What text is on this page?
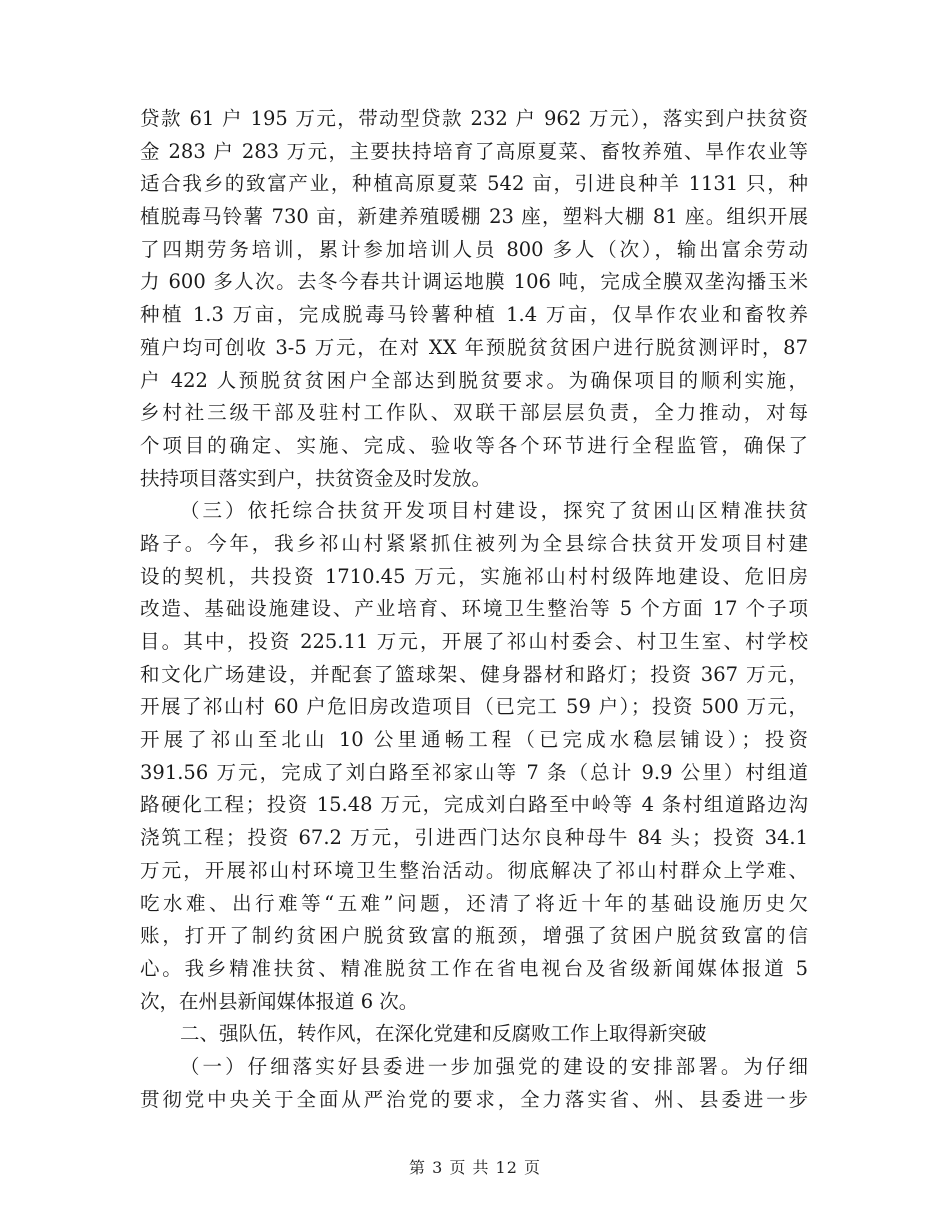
贷款 61 户 195 万元，带动型贷款 232 户 962 万元），落实到户扶贫资
金 283 户 283 万元，主要扶持培育了高原夏菜、畜牧养殖、旱作农业等
适合我乡的致富产业，种植高原夏菜 542 亩，引进良种羊 1131 只，种
植脱毒马铃薯 730 亩，新建养殖暖棚 23 座，塑料大棚 81 座。组织开展
了四期劳务培训，累计参加培训人员 800 多人（次），输出富余劳动
力 600 多人次。去冬今春共计调运地膜 106 吨，完成全膜双垄沟播玉米
种植 1.3 万亩，完成脱毒马铃薯种植 1.4 万亩，仅旱作农业和畜牧养
殖户均可创收 3-5 万元，在对 XX 年预脱贫贫困户进行脱贫测评时，87
户 422 人预脱贫贫困户全部达到脱贫要求。为确保项目的顺利实施，
乡村社三级干部及驻村工作队、双联干部层层负责，全力推动，对每
个项目的确定、实施、完成、验收等各个环节进行全程监管，确保了
扶持项目落实到户，扶贫资金及时发放。
（三）依托综合扶贫开发项目村建设，探究了贫困山区精准扶贫
路子。今年，我乡祁山村紧紧抓住被列为全县综合扶贫开发项目村建
设的契机，共投资 1710.45 万元，实施祁山村村级阵地建设、危旧房
改造、基础设施建设、产业培育、环境卫生整治等 5 个方面 17 个子项
目。其中，投资 225.11 万元，开展了祁山村委会、村卫生室、村学校
和文化广场建设，并配套了篮球架、健身器材和路灯；投资 367 万元，
开展了祁山村 60 户危旧房改造项目（已完工 59 户）；投资 500 万元，
开展了祁山至北山 10 公里通畅工程（已完成水稳层铺设）；投资
391.56 万元，完成了刘白路至祁家山等 7 条（总计 9.9 公里）村组道
路硬化工程；投资 15.48 万元，完成刘白路至中岭等 4 条村组道路边沟
浇筑工程；投资 67.2 万元，引进西门达尔良种母牛 84 头；投资 34.1
万元，开展祁山村环境卫生整治活动。彻底解决了祁山村群众上学难、
吃水难、出行难等“五难”问题，还清了将近十年的基础设施历史欠
账，打开了制约贫困户脱贫致富的瓶颈，增强了贫困户脱贫致富的信
心。我乡精准扶贫、精准脱贫工作在省电视台及省级新闻媒体报道 5
次，在州县新闻媒体报道 6 次。
二、强队伍，转作风，在深化党建和反腐败工作上取得新突破
（一）仔细落实好县委进一步加强党的建设的安排部署。为仔细
贯彻党中央关于全面从严治党的要求，全力落实省、州、县委进一步
第 3 页 共 12 页
